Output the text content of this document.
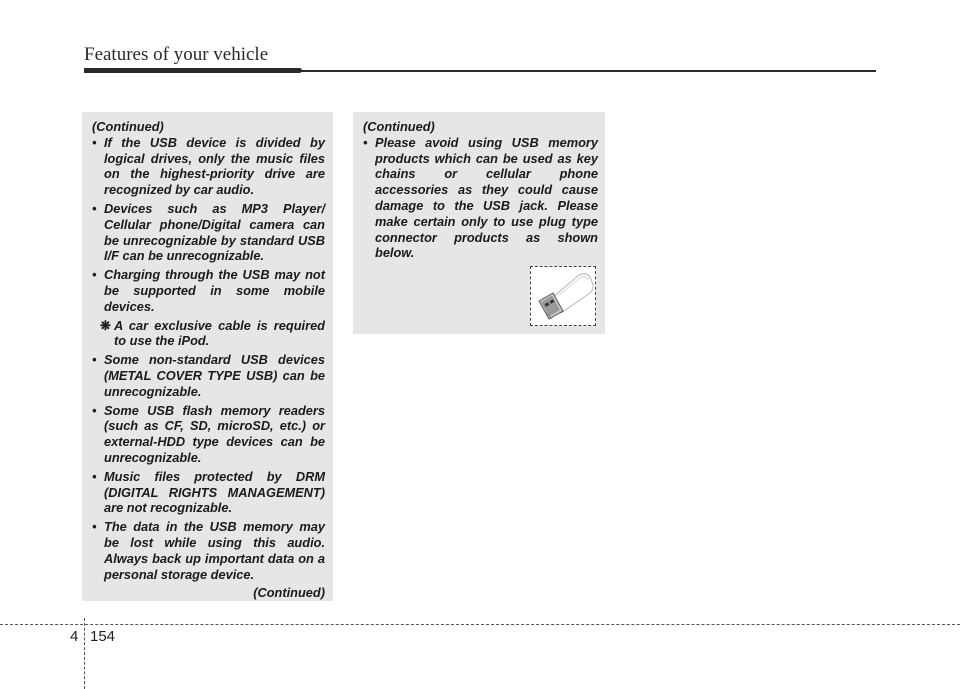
Features of your vehicle

(Continued)

• If the USB device is divided by logical drives, only the music files on the highest-priority drive are recognized by car audio.
• Devices such as MP3 Player/ Cellular phone/Digital camera can be unrecognizable by standard USB I/F can be unrecognizable.
• Charging through the USB may not be supported in some mobile devices.
❋ A car exclusive cable is required to use the iPod.
• Some non-standard USB devices (METAL COVER TYPE USB) can be unrecognizable.
• Some USB flash memory readers (such as CF, SD, microSD, etc.) or external-HDD type devices can be unrecognizable.
• Music files protected by DRM (DIGITAL RIGHTS MANAGEMENT) are not recognizable.
• The data in the USB memory may be lost while using this audio. Always back up important data on a personal storage device.

(Continued)

(Continued)

• Please avoid using USB memory products which can be used as key chains or cellular phone accessories as they could cause damage to the USB jack. Please make certain only to use plug type connector products as shown below.
4 154
